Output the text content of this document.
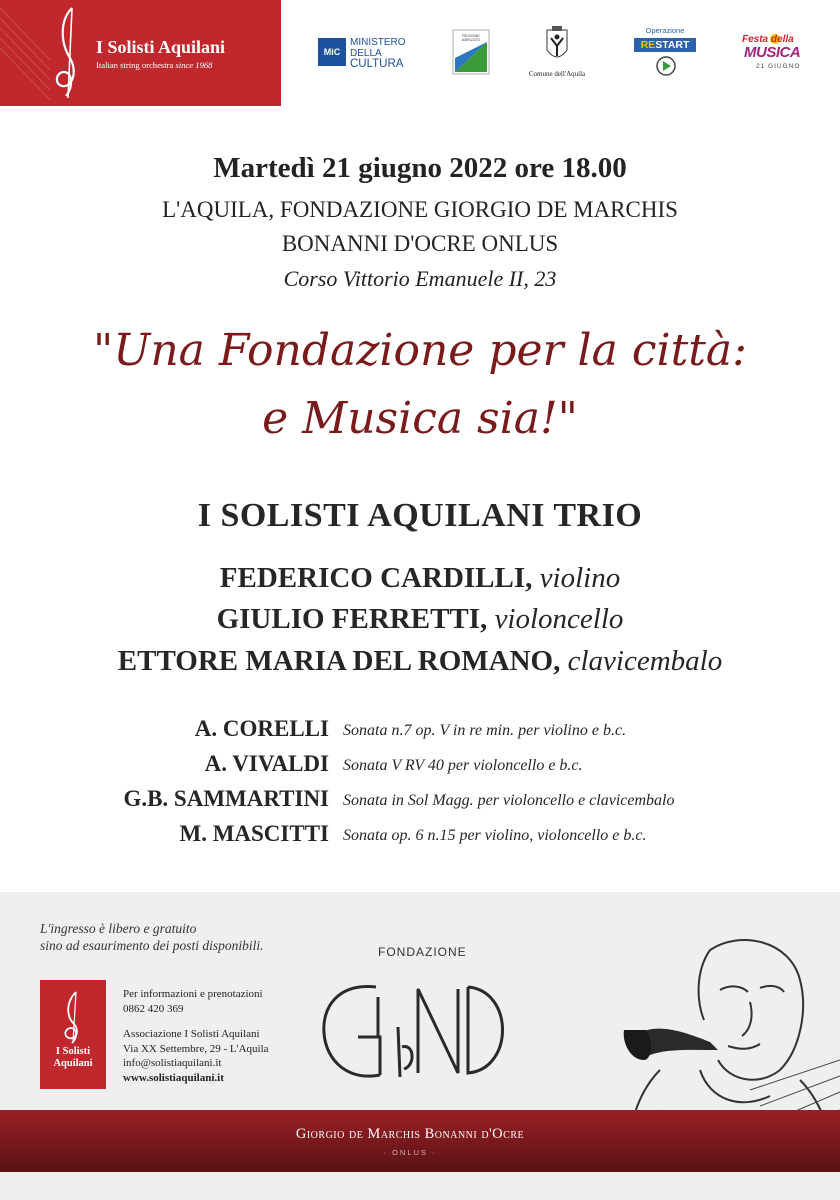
I Solisti Aquilani
Italian string orchestra since 1968
MiC
MINISTERO
DELLA
CULTURA
REGIONE ABRUZZO
Comune dell'Aquila
Operazione
RESTART	Festa della
MUSICA
21 GIUGNO
Martedì 21 giugno 2022 ore 18.00
L'AQUILA, FONDAZIONE GIORGIO DE MARCHIS
BONANNI D'OCRE ONLUS
Corso Vittorio Emanuele II, 23
"Una Fondazione per la città:
e Musica sia!"
I SOLISTI AQUILANI TRIO
FEDERICO CARDILLI, violino
GIULIO FERRETTI, violoncello
ETTORE MARIA DEL ROMANO, clavicembalo
A. CORELLI Sonata n.7 op. V in re min. per violino e b.c.
A. VIVALDI Sonata V RV 40 per violoncello e b.c.
G.B. SAMMARTINI Sonata in Sol Magg. per violoncello e clavicembalo
M. MASCITTI Sonata op. 6 n.15 per violino, violoncello e b.c.
L'ingresso è libero e gratuito
sino ad esaurimento dei posti disponibili.
I Solisti
Aquilani
Per informazioni e prenotazioni
0862 420 369
Associazione I Solisti Aquilani
Via XX Settembre, 29 - L'Aquila
info@solistiaquilani.it
www.solistiaquilani.it
FONDAZIONE
Giorgio de Marchis Bonanni d'Ocre
· ONLUS ·
